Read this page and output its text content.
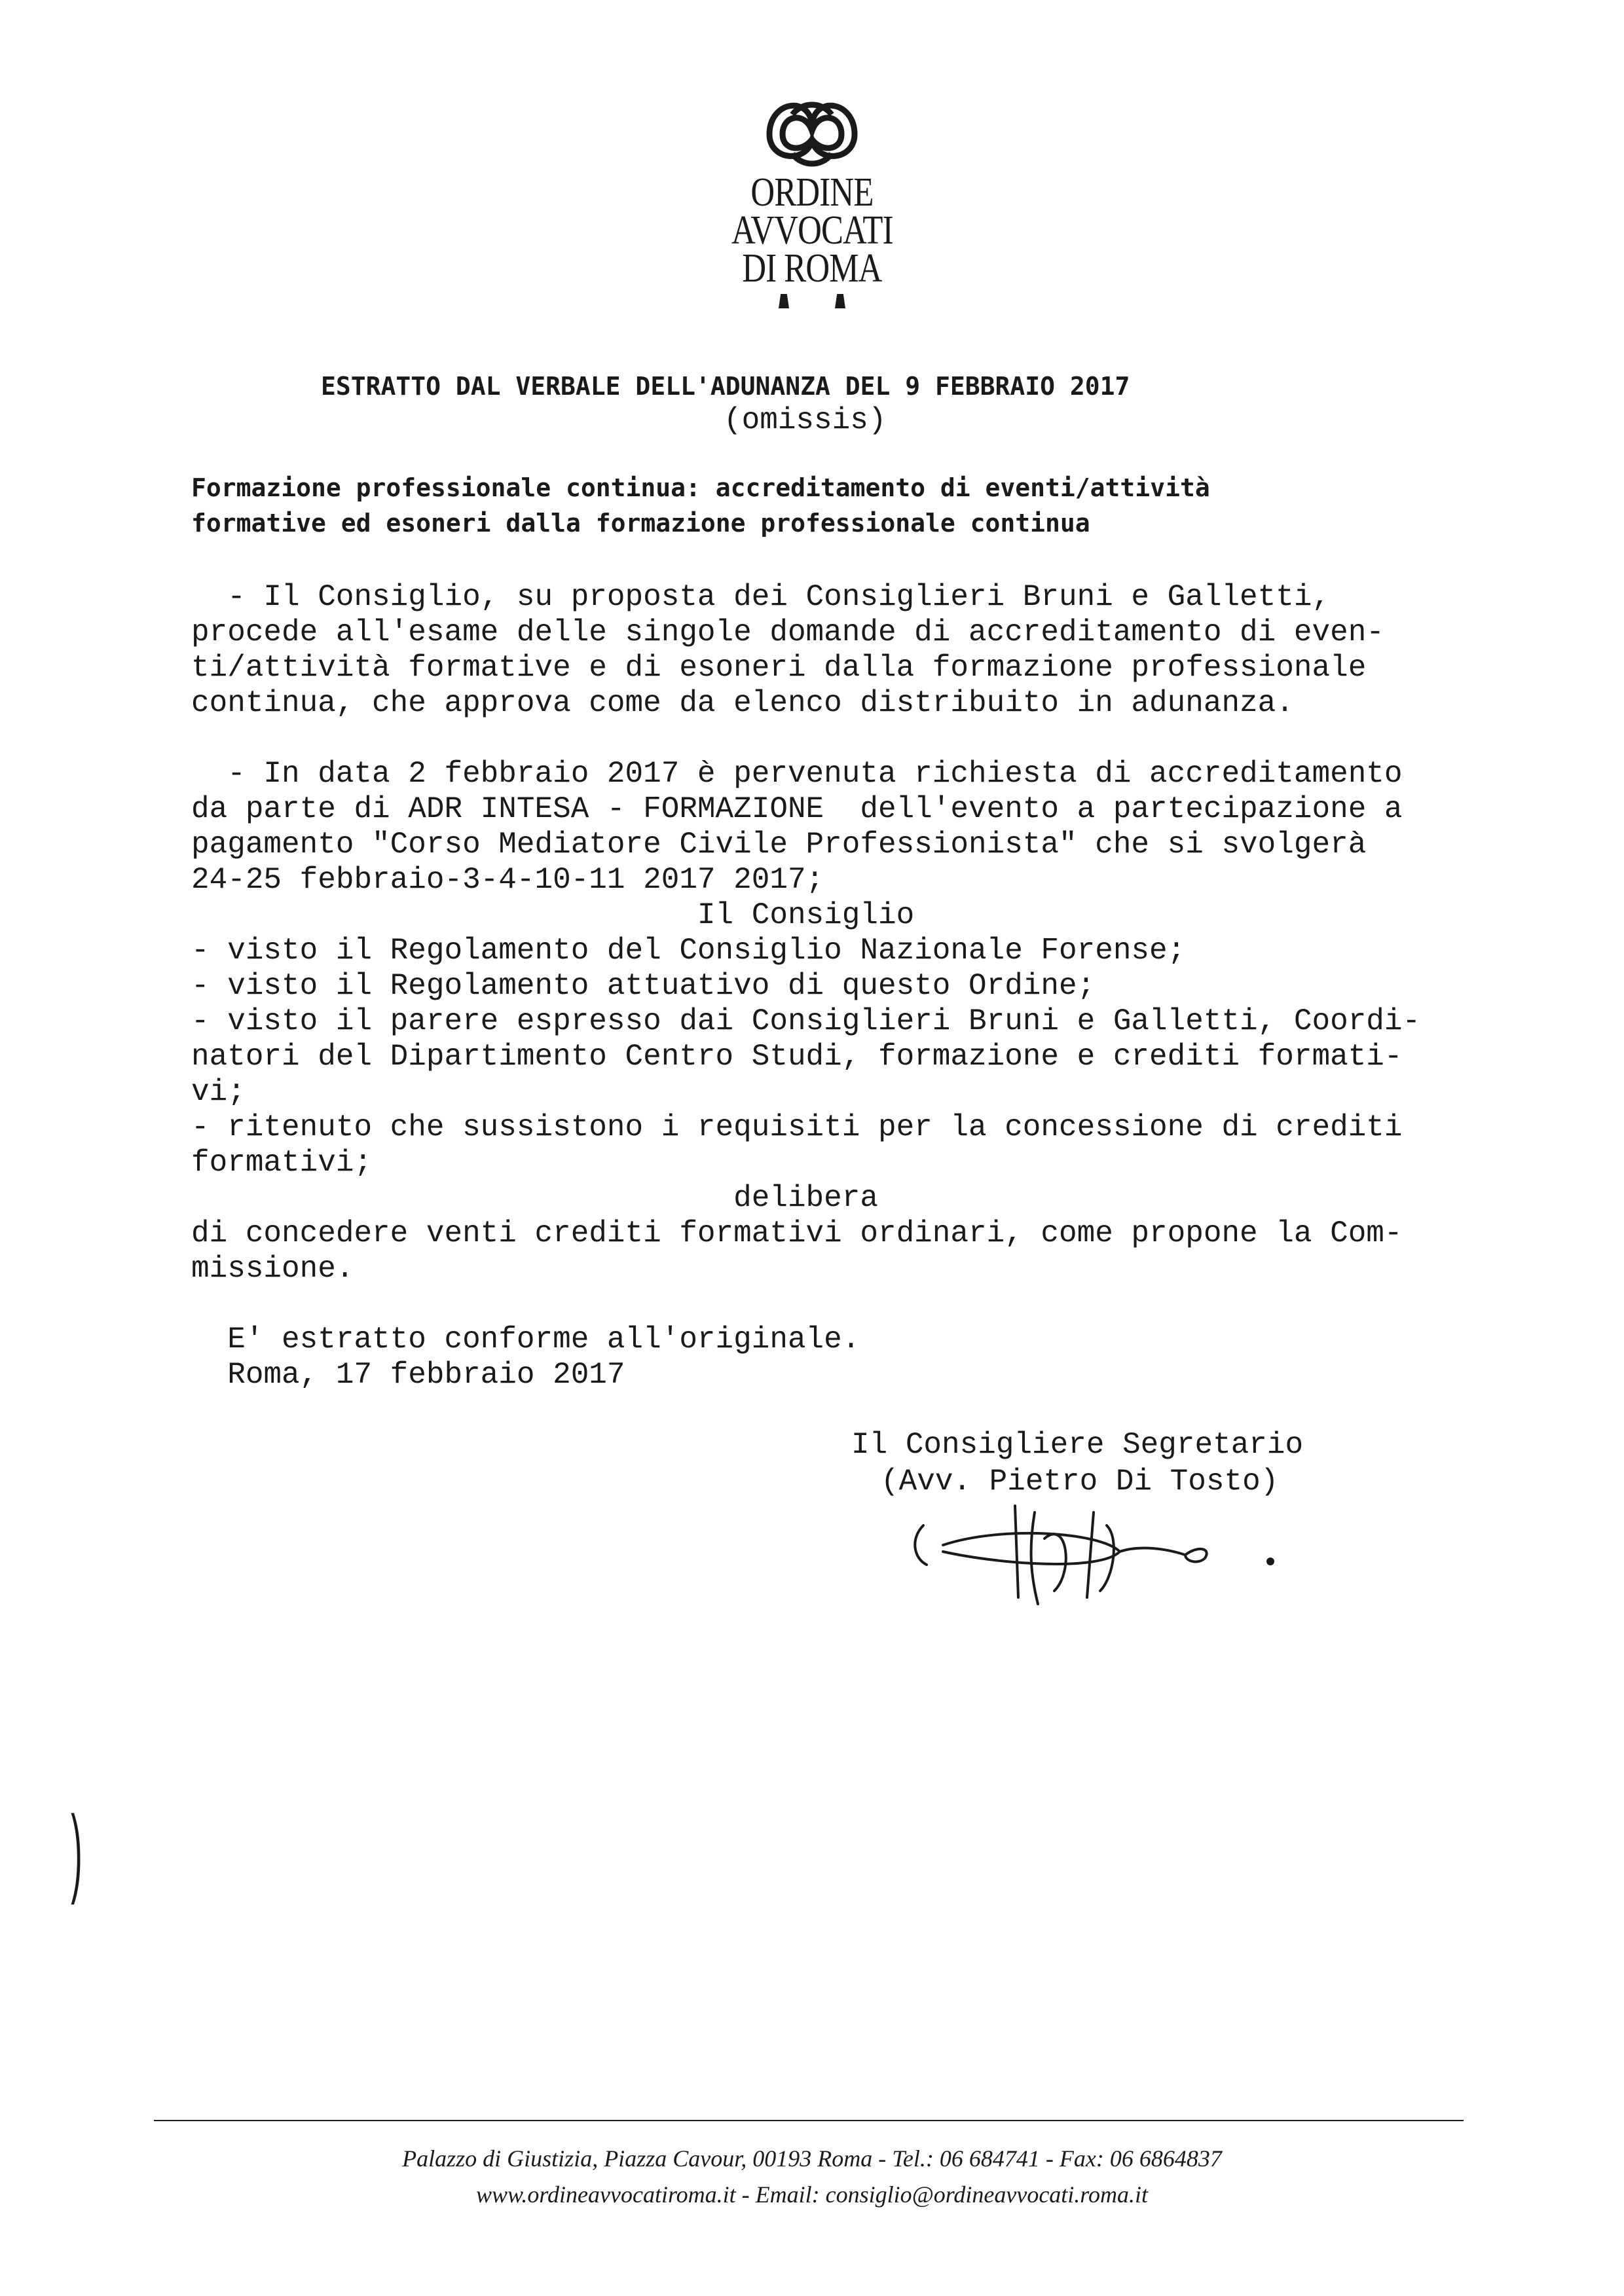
ORDINE
AVVOCATI
DI ROMA
ESTRATTO DAL VERBALE DELL'ADUNANZA DEL 9 FEBBRAIO 2017
(omissis)
Formazione professionale continua: accreditamento di eventi/attività
formative ed esoneri dalla formazione professionale continua
- Il Consiglio, su proposta dei Consiglieri Bruni e Galletti,
procede all'esame delle singole domande di accreditamento di even-
ti/attività formative e di esoneri dalla formazione professionale
continua, che approva come da elenco distribuito in adunanza.
- In data 2 febbraio 2017 è pervenuta richiesta di accreditamento
da parte di ADR INTESA - FORMAZIONE  dell'evento a partecipazione a
pagamento "Corso Mediatore Civile Professionista" che si svolgerà
24-25 febbraio-3-4-10-11 2017 2017;
Il Consiglio
- visto il Regolamento del Consiglio Nazionale Forense;
- visto il Regolamento attuativo di questo Ordine;
- visto il parere espresso dai Consiglieri Bruni e Galletti, Coordi-
natori del Dipartimento Centro Studi, formazione e crediti formati-
vi;
- ritenuto che sussistono i requisiti per la concessione di crediti
formativi;
delibera
di concedere venti crediti formativi ordinari, come propone la Com-
missione.
E' estratto conforme all'originale.
Roma, 17 febbraio 2017
Il Consigliere Segretario
(Avv. Pietro Di Tosto)
)
Palazzo di Giustizia, Piazza Cavour, 00193 Roma - Tel.: 06 684741 - Fax: 06 6864837
www.ordineavvocatiroma.it - Email: consiglio@ordineavvocati.roma.it
